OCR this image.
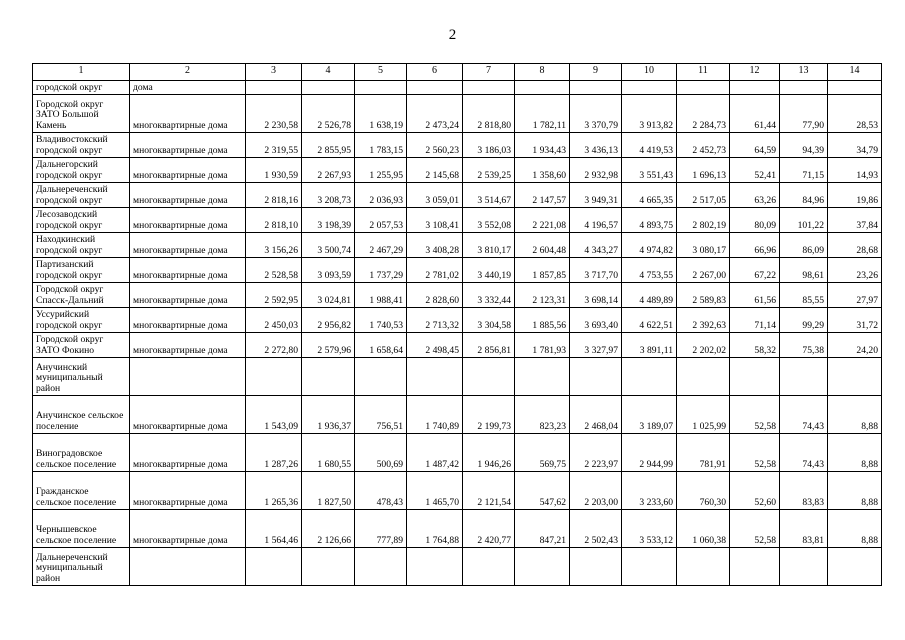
2
1	2	3	4	5	6	7	8	9	10	11	12	13	14
городской округ	дома												
Городской округ ЗАТО Большой Камень	многоквартирные дома	2 230,58	2 526,78	1 638,19	2 473,24	2 818,80	1 782,11	3 370,79	3 913,82	2 284,73	61,44	77,90	28,53
Владивостокский городской округ	многоквартирные дома	2 319,55	2 855,95	1 783,15	2 560,23	3 186,03	1 934,43	3 436,13	4 419,53	2 452,73	64,59	94,39	34,79
Дальнегорский городской округ	многоквартирные дома	1 930,59	2 267,93	1 255,95	2 145,68	2 539,25	1 358,60	2 932,98	3 551,43	1 696,13	52,41	71,15	14,93
Дальнереченский городской округ	многоквартирные дома	2 818,16	3 208,73	2 036,93	3 059,01	3 514,67	2 147,57	3 949,31	4 665,35	2 517,05	63,26	84,96	19,86
Лесозаводский городской округ	многоквартирные дома	2 818,10	3 198,39	2 057,53	3 108,41	3 552,08	2 221,08	4 196,57	4 893,75	2 802,19	80,09	101,22	37,84
Находкинский городской округ	многоквартирные дома	3 156,26	3 500,74	2 467,29	3 408,28	3 810,17	2 604,48	4 343,27	4 974,82	3 080,17	66,96	86,09	28,68
Партизанский городской округ	многоквартирные дома	2 528,58	3 093,59	1 737,29	2 781,02	3 440,19	1 857,85	3 717,70	4 753,55	2 267,00	67,22	98,61	23,26
Городской округ Спасск-Дальний	многоквартирные дома	2 592,95	3 024,81	1 988,41	2 828,60	3 332,44	2 123,31	3 698,14	4 489,89	2 589,83	61,56	85,55	27,97
Уссурийский городской округ	многоквартирные дома	2 450,03	2 956,82	1 740,53	2 713,32	3 304,58	1 885,56	3 693,40	4 622,51	2 392,63	71,14	99,29	31,72
Городской округ ЗАТО Фокино	многоквартирные дома	2 272,80	2 579,96	1 658,64	2 498,45	2 856,81	1 781,93	3 327,97	3 891,11	2 202,02	58,32	75,38	24,20
Анучинский муниципальный район													
Анучинское сельское поселение	многоквартирные дома	1 543,09	1 936,37	756,51	1 740,89	2 199,73	823,23	2 468,04	3 189,07	1 025,99	52,58	74,43	8,88
Виноградовское сельское поселение	многоквартирные дома	1 287,26	1 680,55	500,69	1 487,42	1 946,26	569,75	2 223,97	2 944,99	781,91	52,58	74,43	8,88
Гражданское сельское поселение	многоквартирные дома	1 265,36	1 827,50	478,43	1 465,70	2 121,54	547,62	2 203,00	3 233,60	760,30	52,60	83,83	8,88
Чернышевское сельское поселение	многоквартирные дома	1 564,46	2 126,66	777,89	1 764,88	2 420,77	847,21	2 502,43	3 533,12	1 060,38	52,58	83,81	8,88
Дальнереченский муниципальный район													
